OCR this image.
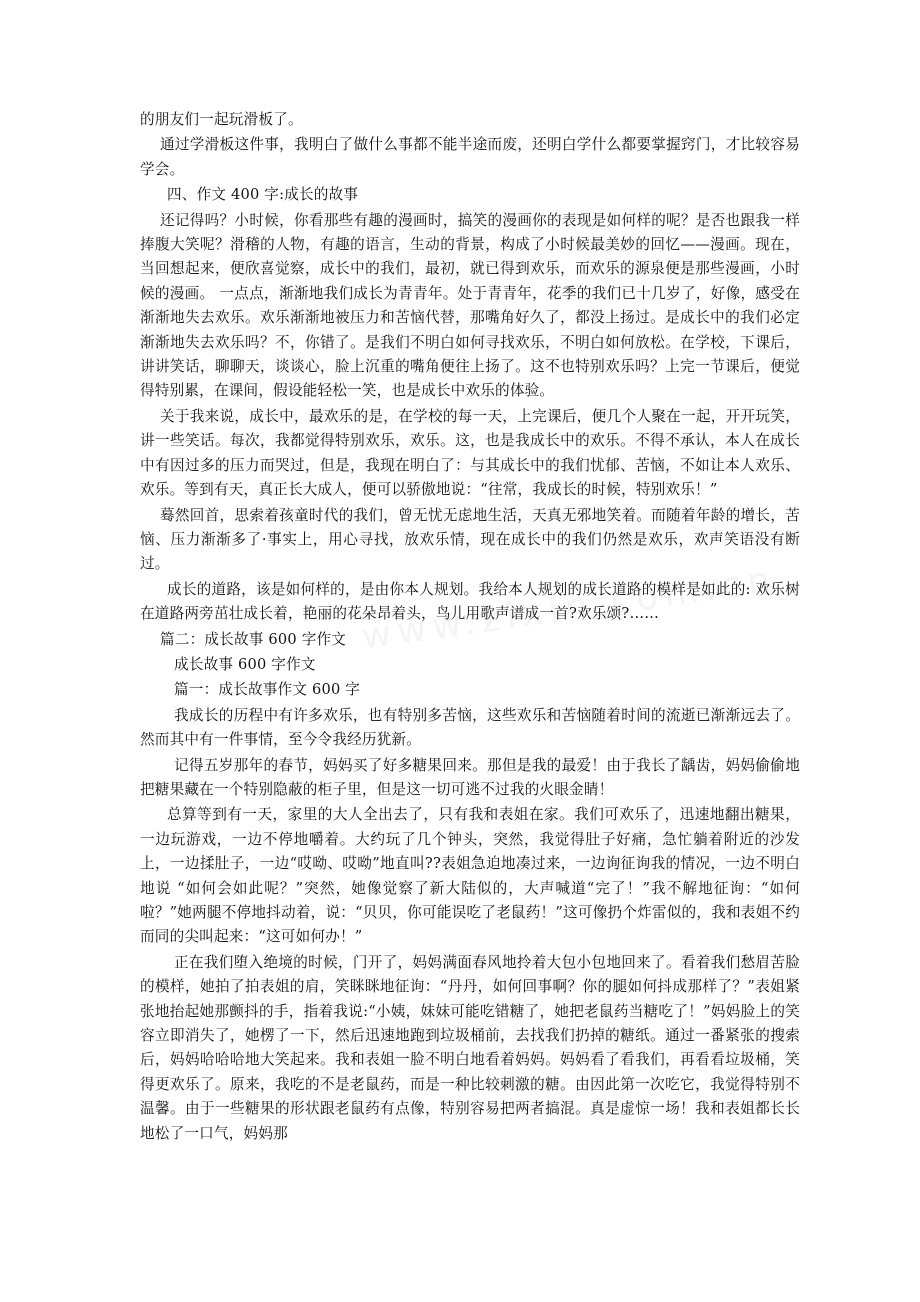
的朋友们一起玩滑板了。

通过学滑板这件事，我明白了做什么事都不能半途而废，还明白学什么都要掌握窍门，才比较容易学会。

四、作文 400 字:成长的故事

还记得吗？小时候，你看那些有趣的漫画时，搞笑的漫画你的表现是如何样的呢？是否也跟我一样捧腹大笑呢？滑稽的人物，有趣的语言，生动的背景，构成了小时候最美妙的回忆——漫画。现在，当回想起来，便欣喜觉察，成长中的我们，最初，就已得到欢乐，而欢乐的源泉便是那些漫画，小时候的漫画。 一点点，渐渐地我们成长为青青年。处于青青年，花季的我们已十几岁了，好像，感受在渐渐地失去欢乐。欢乐渐渐地被压力和苦恼代替，那嘴角好久了，都没上扬过。是成长中的我们必定渐渐地失去欢乐吗？不，你错了。是我们不明白如何寻找欢乐，不明白如何放松。在学校，下课后，讲讲笑话，聊聊天，谈谈心，脸上沉重的嘴角便往上扬了。这不也特别欢乐吗？上完一节课后，便觉得特别累，在课间，假设能轻松一笑，也是成长中欢乐的体验。

关于我来说，成长中，最欢乐的是，在学校的每一天，上完课后，便几个人聚在一起，开开玩笑，讲一些笑话。每次，我都觉得特别欢乐，欢乐。这，也是我成长中的欢乐。不得不承认，本人在成长中有因过多的压力而哭过，但是，我现在明白了：与其成长中的我们忧郁、苦恼，不如让本人欢乐、欢乐。等到有天，真正长大成人，便可以骄傲地说：“往常，我成长的时候，特别欢乐！”

蓦然回首，思索着孩童时代的我们，曾无忧无虑地生活，天真无邪地笑着。而随着年龄的增长，苦恼、压力渐渐多了·事实上，用心寻找，放欢乐情，现在成长中的我们仍然是欢乐，欢声笑语没有断过。

成长的道路，该是如何样的，是由你本人规划。我给本人规划的成长道路的模样是如此的: 欢乐树在道路两旁茁壮成长着，艳丽的花朵昂着头，鸟儿用歌声谱成一首?欢乐颂?……

篇二：成长故事 600 字作文

成长故事 600 字作文

篇一：成长故事作文 600 字

我成长的历程中有许多欢乐，也有特别多苦恼，这些欢乐和苦恼随着时间的流逝已渐渐远去了。然而其中有一件事情，至今令我经历犹新。

记得五岁那年的春节，妈妈买了好多糖果回来。那但是我的最爱！由于我长了龋齿，妈妈偷偷地把糖果藏在一个特别隐蔽的柜子里，但是这一切可逃不过我的火眼金睛！

总算等到有一天，家里的大人全出去了，只有我和表姐在家。我们可欢乐了，迅速地翻出糖果，一边玩游戏，一边不停地嚼着。大约玩了几个钟头，突然，我觉得肚子好痛，急忙躺着附近的沙发上，一边揉肚子，一边“哎呦、哎呦”地直叫??表姐急迫地凑过来，一边询征询我的情况，一边不明白地说 “如何会如此呢？”突然，她像觉察了新大陆似的，大声喊道“完了！”我不解地征询：“如何啦？”她两腿不停地抖动着，说：“贝贝，你可能误吃了老鼠药！”这可像扔个炸雷似的，我和表姐不约而同的尖叫起来：“这可如何办！”

正在我们堕入绝境的时候，门开了，妈妈满面春风地拎着大包小包地回来了。看着我们愁眉苦脸的模样，她拍了拍表姐的肩，笑眯眯地征询：“丹丹，如何回事啊？你的腿如何抖成那样了？”表姐紧张地抬起她那颤抖的手，指着我说:“小姨，妹妹可能吃错糖了，她把老鼠药当糖吃了！”妈妈脸上的笑容立即消失了，她楞了一下，然后迅速地跑到垃圾桶前，去找我们扔掉的糖纸。通过一番紧张的搜索后，妈妈哈哈哈地大笑起来。我和表姐一脸不明白地看着妈妈。妈妈看了看我们，再看看垃圾桶，笑得更欢乐了。原来，我吃的不是老鼠药，而是一种比较刺激的糖。由因此第一次吃它，我觉得特别不温馨。由于一些糖果的形状跟老鼠药有点像，特别容易把两者搞混。真是虚惊一场！我和表姐都长长地松了一口气，妈妈那
